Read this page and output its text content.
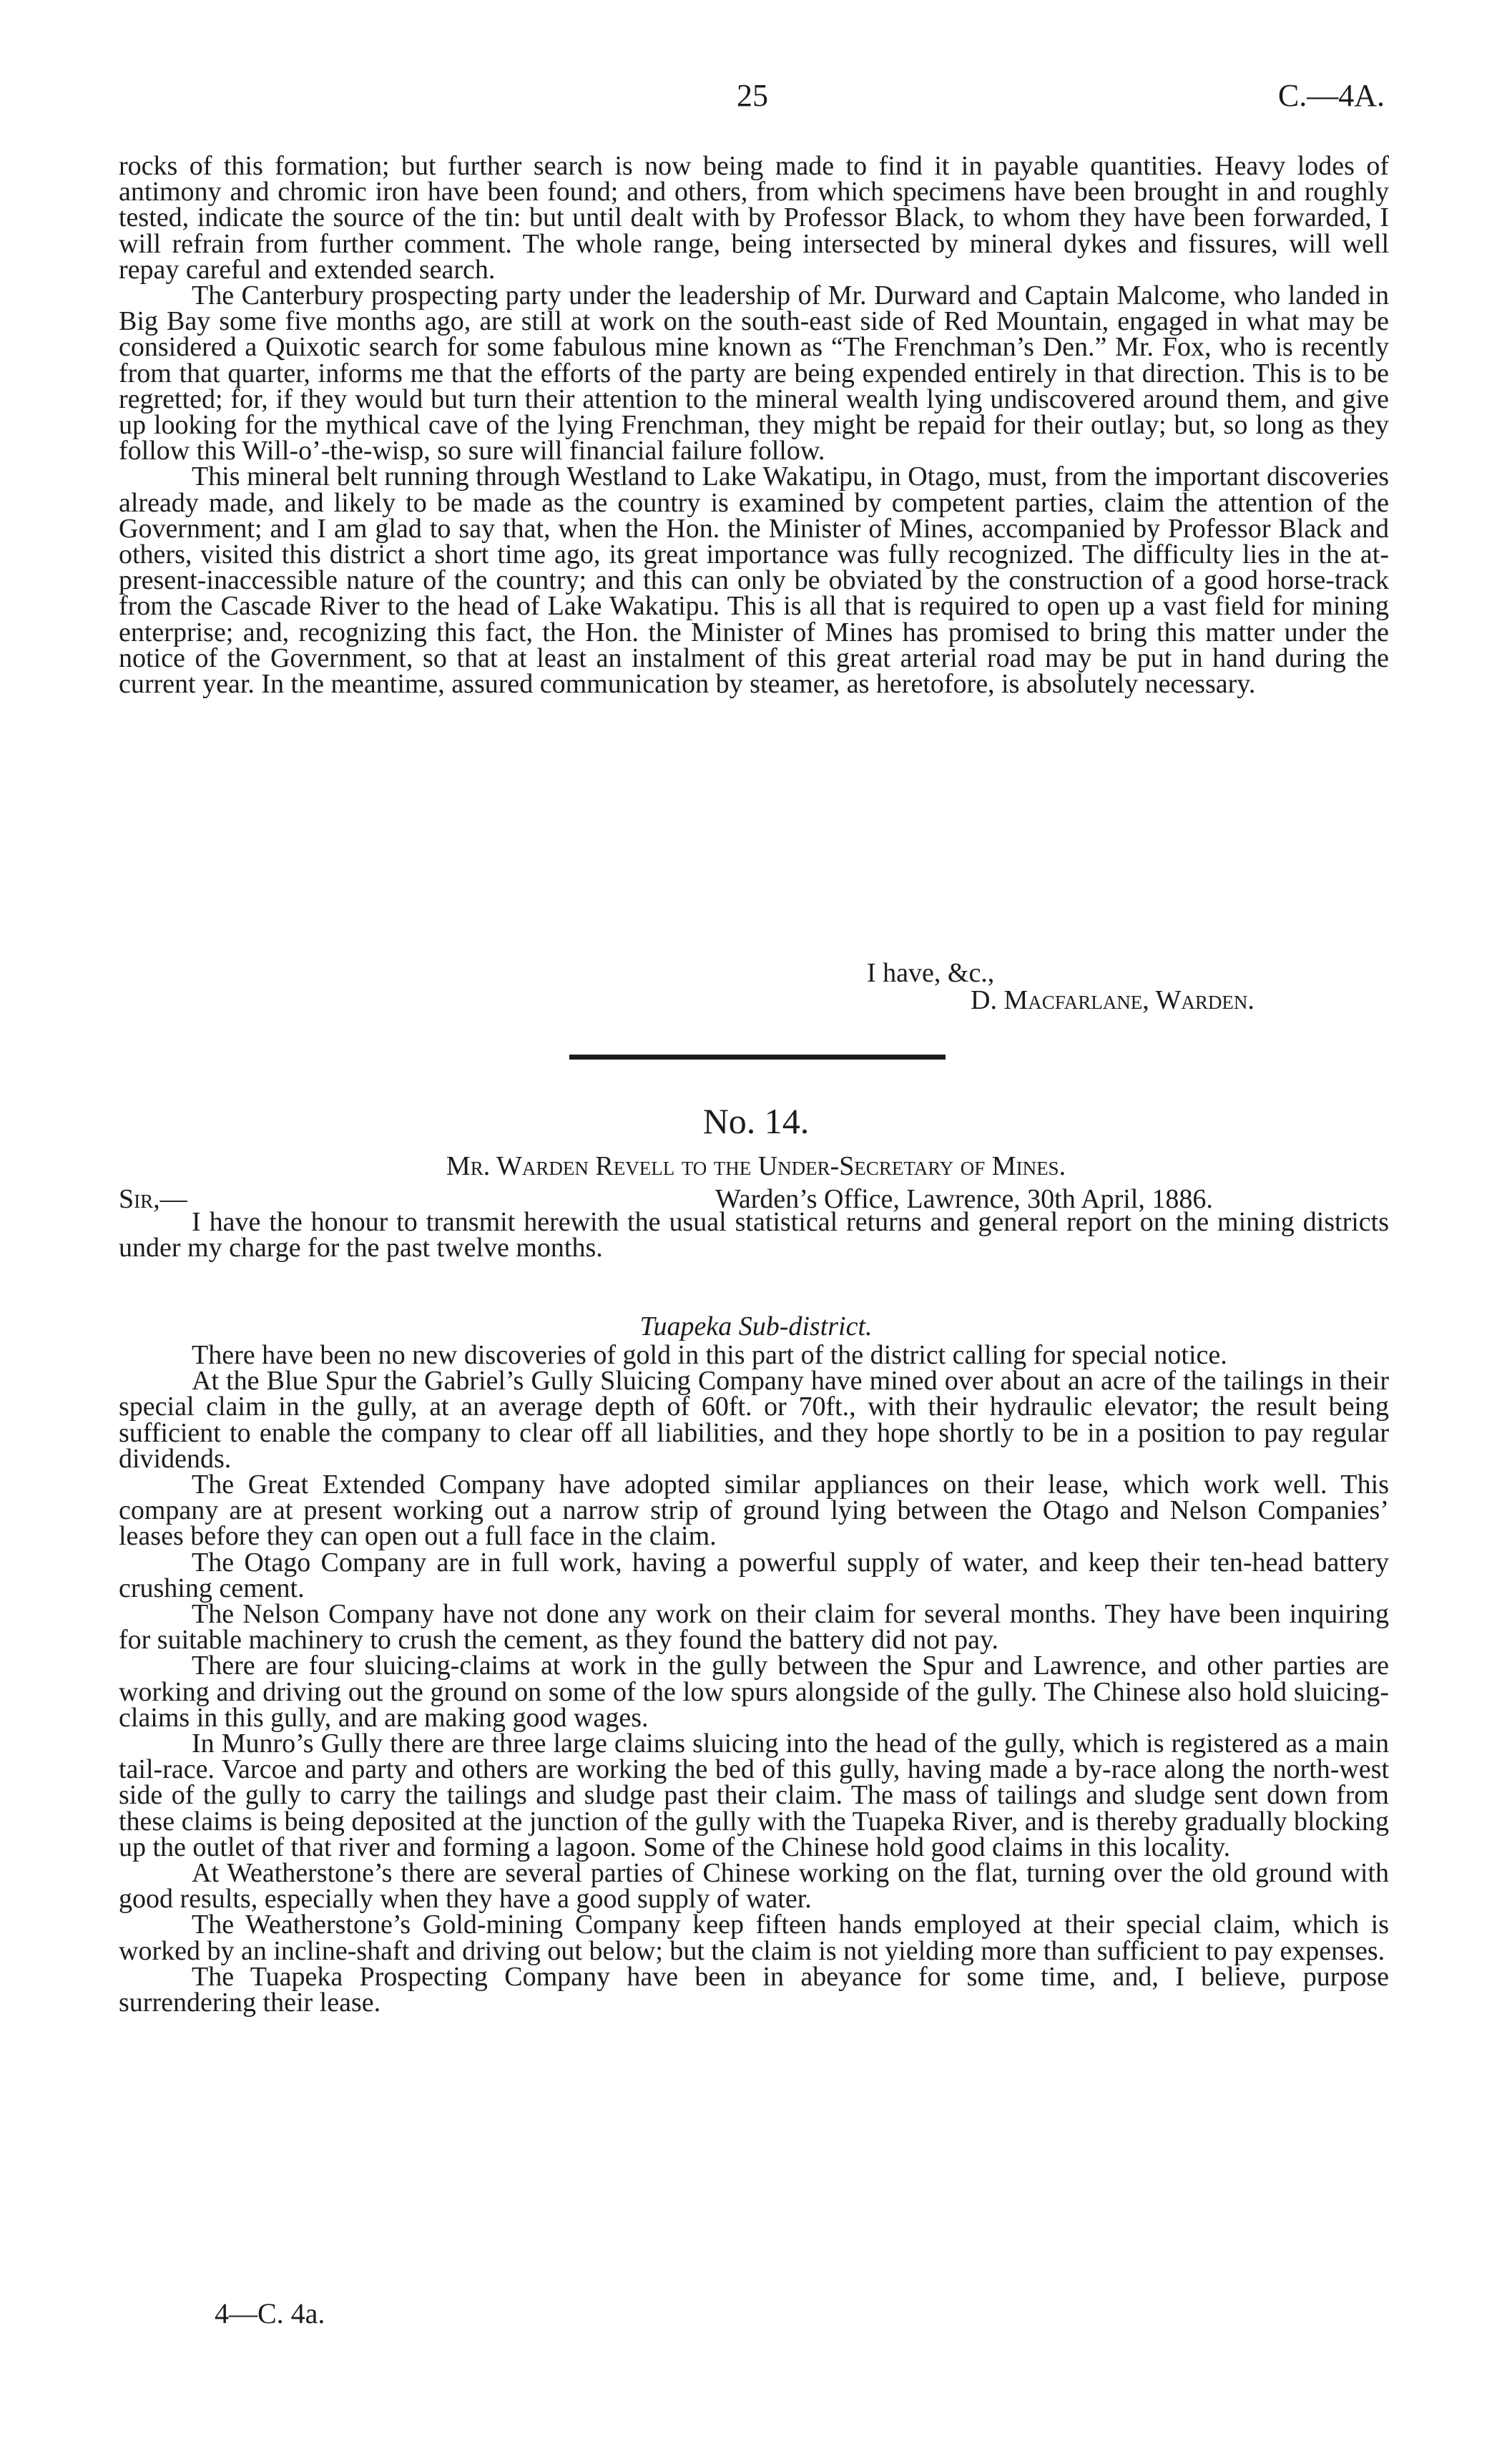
25	C.—4A.

rocks of this formation; but further search is now being made to find it in payable quantities. Heavy lodes of antimony and chromic iron have been found; and others, from which specimens have been brought in and roughly tested, indicate the source of the tin: but until dealt with by Professor Black, to whom they have been forwarded, I will refrain from further comment. The whole range, being intersected by mineral dykes and fissures, will well repay careful and extended search.

The Canterbury prospecting party under the leadership of Mr. Durward and Captain Malcome, who landed in Big Bay some five months ago, are still at work on the south-east side of Red Mountain, engaged in what may be considered a Quixotic search for some fabulous mine known as “The Frenchman’s Den.” Mr. Fox, who is recently from that quarter, informs me that the efforts of the party are being expended entirely in that direction. This is to be regretted; for, if they would but turn their attention to the mineral wealth lying undiscovered around them, and give up looking for the mythical cave of the lying Frenchman, they might be repaid for their outlay; but, so long as they follow this Will-o’-the-wisp, so sure will financial failure follow.

This mineral belt running through Westland to Lake Wakatipu, in Otago, must, from the important discoveries already made, and likely to be made as the country is examined by competent parties, claim the attention of the Government; and I am glad to say that, when the Hon. the Minister of Mines, accompanied by Professor Black and others, visited this district a short time ago, its great importance was fully recognized. The difficulty lies in the at-present-inaccessible nature of the country; and this can only be obviated by the construction of a good horse-track from the Cascade River to the head of Lake Wakatipu. This is all that is required to open up a vast field for mining enterprise; and, recognizing this fact, the Hon. the Minister of Mines has promised to bring this matter under the notice of the Government, so that at least an instalment of this great arterial road may be put in hand during the current year. In the meantime, assured communication by steamer, as heretofore, is absolutely necessary.

I have, &c.,
D. Macfarlane, Warden.
No. 14.
Mr. Warden Revell to the Under-Secretary of Mines.
Sir,—	Warden’s Office, Lawrence, 30th April, 1886.

I have the honour to transmit herewith the usual statistical returns and general report on the mining districts under my charge for the past twelve months.

Tuapeka Sub-district.

There have been no new discoveries of gold in this part of the district calling for special notice.

At the Blue Spur the Gabriel’s Gully Sluicing Company have mined over about an acre of the tailings in their special claim in the gully, at an average depth of 60ft. or 70ft., with their hydraulic elevator; the result being sufficient to enable the company to clear off all liabilities, and they hope shortly to be in a position to pay regular dividends.

The Great Extended Company have adopted similar appliances on their lease, which work well. This company are at present working out a narrow strip of ground lying between the Otago and Nelson Companies’ leases before they can open out a full face in the claim.

The Otago Company are in full work, having a powerful supply of water, and keep their ten-head battery crushing cement.

The Nelson Company have not done any work on their claim for several months. They have been inquiring for suitable machinery to crush the cement, as they found the battery did not pay.

There are four sluicing-claims at work in the gully between the Spur and Lawrence, and other parties are working and driving out the ground on some of the low spurs alongside of the gully. The Chinese also hold sluicing-claims in this gully, and are making good wages.

In Munro’s Gully there are three large claims sluicing into the head of the gully, which is registered as a main tail-race. Varcoe and party and others are working the bed of this gully, having made a by-race along the north-west side of the gully to carry the tailings and sludge past their claim. The mass of tailings and sludge sent down from these claims is being deposited at the junction of the gully with the Tuapeka River, and is thereby gradually blocking up the outlet of that river and forming a lagoon. Some of the Chinese hold good claims in this locality.

At Weatherstone’s there are several parties of Chinese working on the flat, turning over the old ground with good results, especially when they have a good supply of water.

The Weatherstone’s Gold-mining Company keep fifteen hands employed at their special claim, which is worked by an incline-shaft and driving out below; but the claim is not yielding more than sufficient to pay expenses.

The Tuapeka Prospecting Company have been in abeyance for some time, and, I believe, purpose surrendering their lease.

4—C. 4a.
